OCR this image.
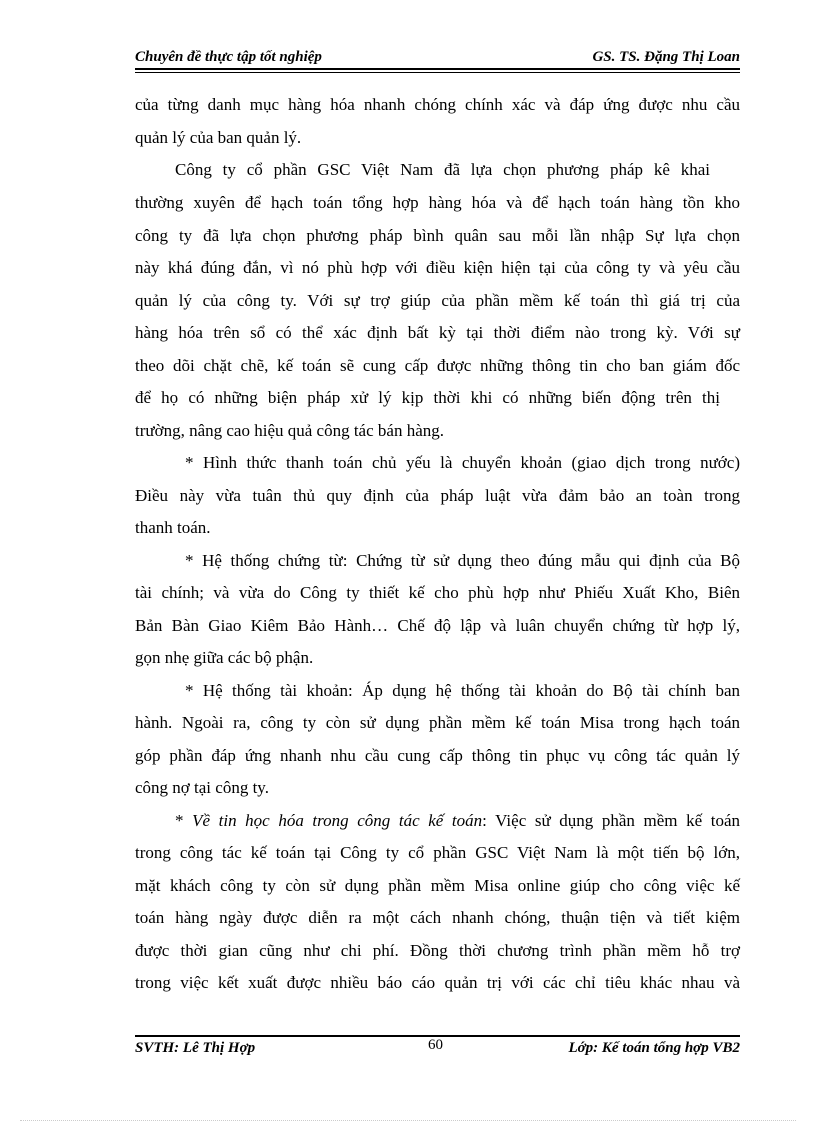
Chuyên đề thực tập tốt nghiệp	GS. TS. Đặng Thị Loan
của từng danh mục hàng hóa nhanh chóng chính xác và đáp ứng được nhu cầu
quản lý của ban quản lý.
Công ty cổ phần GSC Việt Nam đã lựa chọn phương pháp kê khai
thường xuyên để hạch toán tổng hợp hàng hóa và để hạch toán hàng tồn kho
công ty đã lựa chọn phương pháp bình quân sau mỗi lần nhập Sự lựa chọn
này khá đúng đắn, vì nó phù hợp với điều kiện hiện tại của công ty và yêu cầu
quản lý của công ty. Với sự trợ giúp của phần mềm kế toán thì giá trị của
hàng hóa trên sổ có thể xác định bất kỳ tại thời điểm nào trong kỳ. Với sự
theo dõi chặt chẽ, kế toán sẽ cung cấp được những thông tin cho ban giám đốc
để họ có những biện pháp xử lý kịp thời khi có những biến động trên thị
trường, nâng cao hiệu quả công tác bán hàng.
* Hình thức thanh toán chủ yếu là chuyển khoản (giao dịch trong nước)
Điều này vừa tuân thủ quy định của pháp luật vừa đảm bảo an toàn trong
thanh toán.
* Hệ thống chứng từ: Chứng từ sử dụng theo đúng mẫu qui định của Bộ
tài chính; và vừa do Công ty thiết kế cho phù hợp như Phiếu Xuất Kho, Biên
Bản Bàn Giao Kiêm Bảo Hành… Chế độ lập và luân chuyển chứng từ hợp lý,
gọn nhẹ giữa các bộ phận.
* Hệ thống tài khoản: Áp dụng hệ thống tài khoản do Bộ tài chính ban
hành. Ngoài ra, công ty còn sử dụng phần mềm kế toán Misa trong hạch toán
góp phần đáp ứng nhanh nhu cầu cung cấp thông tin phục vụ công tác quản lý
công nợ tại công ty.
* Về tin học hóa trong công tác kế toán: Việc sử dụng phần mềm kế toán
trong công tác kế toán tại Công ty cổ phần GSC Việt Nam là một tiến bộ lớn,
mặt khách công ty còn sử dụng phần mềm Misa online giúp cho công việc kế
toán hàng ngày được diễn ra một cách nhanh chóng, thuận tiện và tiết kiệm
được thời gian cũng như chi phí. Đồng thời chương trình phần mềm hỗ trợ
trong việc kết xuất được nhiều báo cáo quản trị với các chỉ tiêu khác nhau và
SVTH: Lê Thị Hợp	60	Lớp: Kế toán tổng hợp VB2
